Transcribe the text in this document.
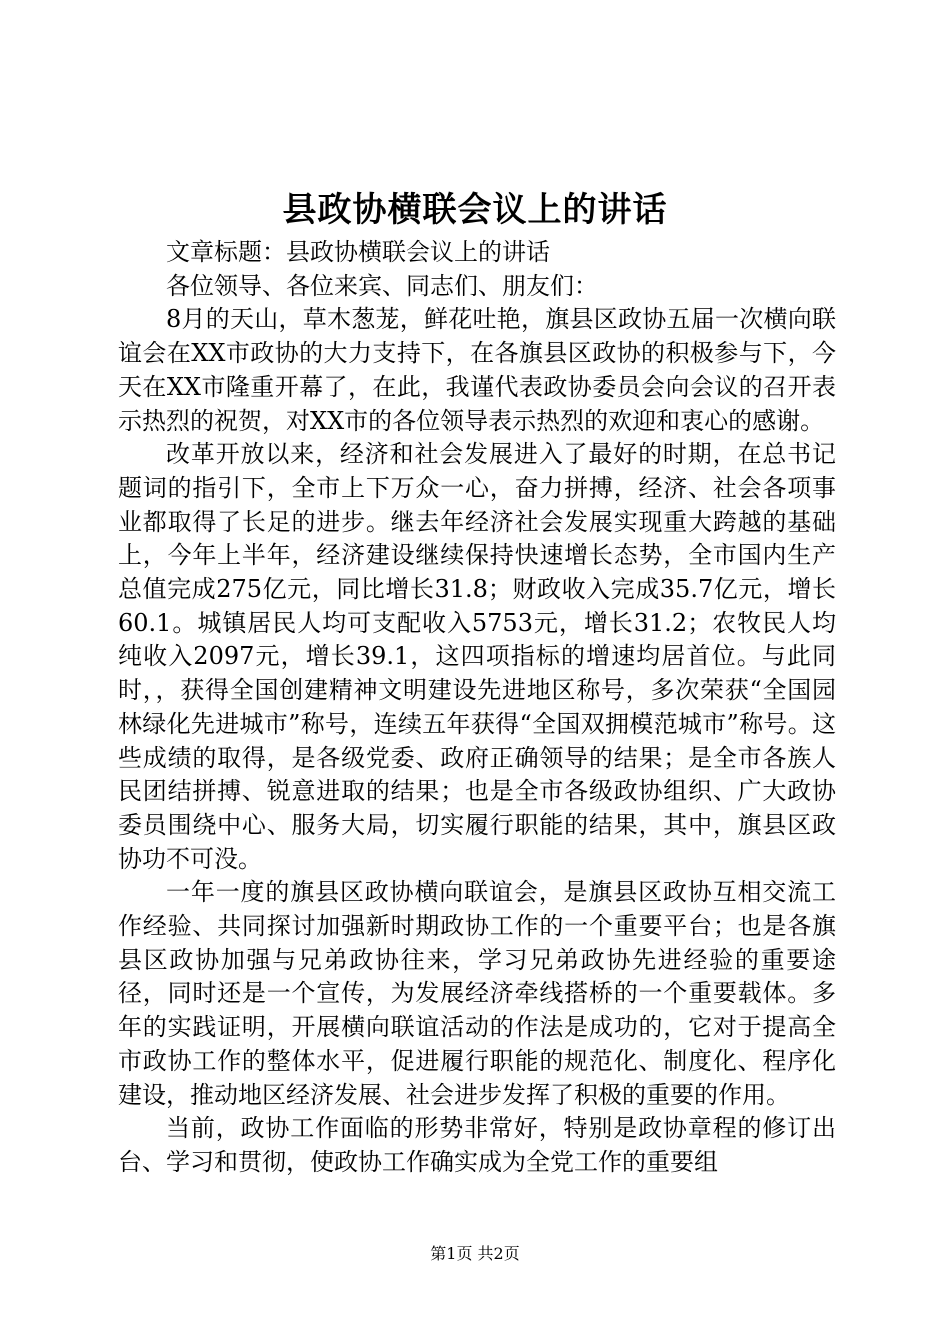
县政协横联会议上的讲话

文章标题：县政协横联会议上的讲话

各位领导、各位来宾、同志们、朋友们：

8月的天山，草木葱茏，鲜花吐艳，旗县区政协五届一次横向联谊会在XX市政协的大力支持下，在各旗县区政协的积极参与下，今天在XX市隆重开幕了，在此，我谨代表政协委员会向会议的召开表示热烈的祝贺，对XX市的各位领导表示热烈的欢迎和衷心的感谢。

改革开放以来，经济和社会发展进入了最好的时期，在总书记题词的指引下，全市上下万众一心，奋力拼搏，经济、社会各项事业都取得了长足的进步。继去年经济社会发展实现重大跨越的基础上，今年上半年，经济建设继续保持快速增长态势，全市国内生产总值完成275亿元，同比增长31.8；财政收入完成35.7亿元，增长60.1。城镇居民人均可支配收入5753元，增长31.2；农牧民人均纯收入2097元，增长39.1，这四项指标的增速均居首位。与此同时，，获得全国创建精神文明建设先进地区称号，多次荣获“全国园林绿化先进城市”称号，连续五年获得“全国双拥模范城市”称号。这些成绩的取得，是各级党委、政府正确领导的结果；是全市各族人民团结拼搏、锐意进取的结果；也是全市各级政协组织、广大政协委员围绕中心、服务大局，切实履行职能的结果，其中，旗县区政协功不可没。

一年一度的旗县区政协横向联谊会，是旗县区政协互相交流工作经验、共同探讨加强新时期政协工作的一个重要平台；也是各旗县区政协加强与兄弟政协往来，学习兄弟政协先进经验的重要途径，同时还是一个宣传，为发展经济牵线搭桥的一个重要载体。多年的实践证明，开展横向联谊活动的作法是成功的，它对于提高全市政协工作的整体水平，促进履行职能的规范化、制度化、程序化建设，推动地区经济发展、社会进步发挥了积极的重要的作用。

当前，政协工作面临的形势非常好，特别是政协章程的修订出台、学习和贯彻，使政协工作确实成为全党工作的重要组

第1页 共2页
